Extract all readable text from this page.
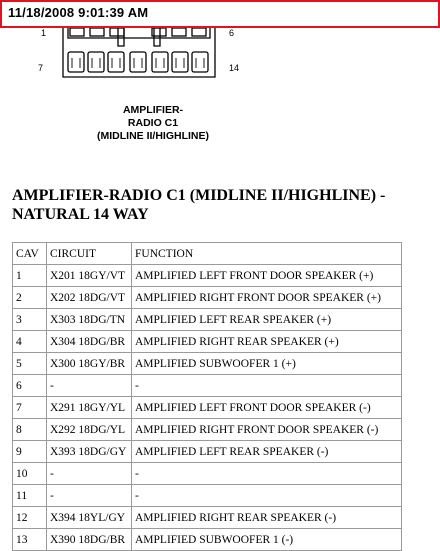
11/18/2008 9:01:39 AM
1	6
7	14
AMPLIFIER-
RADIO C1
(MIDLINE II/HIGHLINE)
AMPLIFIER-RADIO C1 (MIDLINE II/HIGHLINE) -
NATURAL 14 WAY
CAV	CIRCUIT	FUNCTION
1	X201 18GY/VT	AMPLIFIED LEFT FRONT DOOR SPEAKER (+)
2	X202 18DG/VT	AMPLIFIED RIGHT FRONT DOOR SPEAKER (+)
3	X303 18DG/TN	AMPLIFIED LEFT REAR SPEAKER (+)
4	X304 18DG/BR	AMPLIFIED RIGHT REAR SPEAKER (+)
5	X300 18GY/BR	AMPLIFIED SUBWOOFER 1 (+)
6	-	-
7	X291 18GY/YL	AMPLIFIED LEFT FRONT DOOR SPEAKER (-)
8	X292 18DG/YL	AMPLIFIED RIGHT FRONT DOOR SPEAKER (-)
9	X393 18DG/GY	AMPLIFIED LEFT REAR SPEAKER (-)
10	-	-
11	-	-
12	X394 18YL/GY	AMPLIFIED RIGHT REAR SPEAKER (-)
13	X390 18DG/BR	AMPLIFIED SUBWOOFER 1 (-)
